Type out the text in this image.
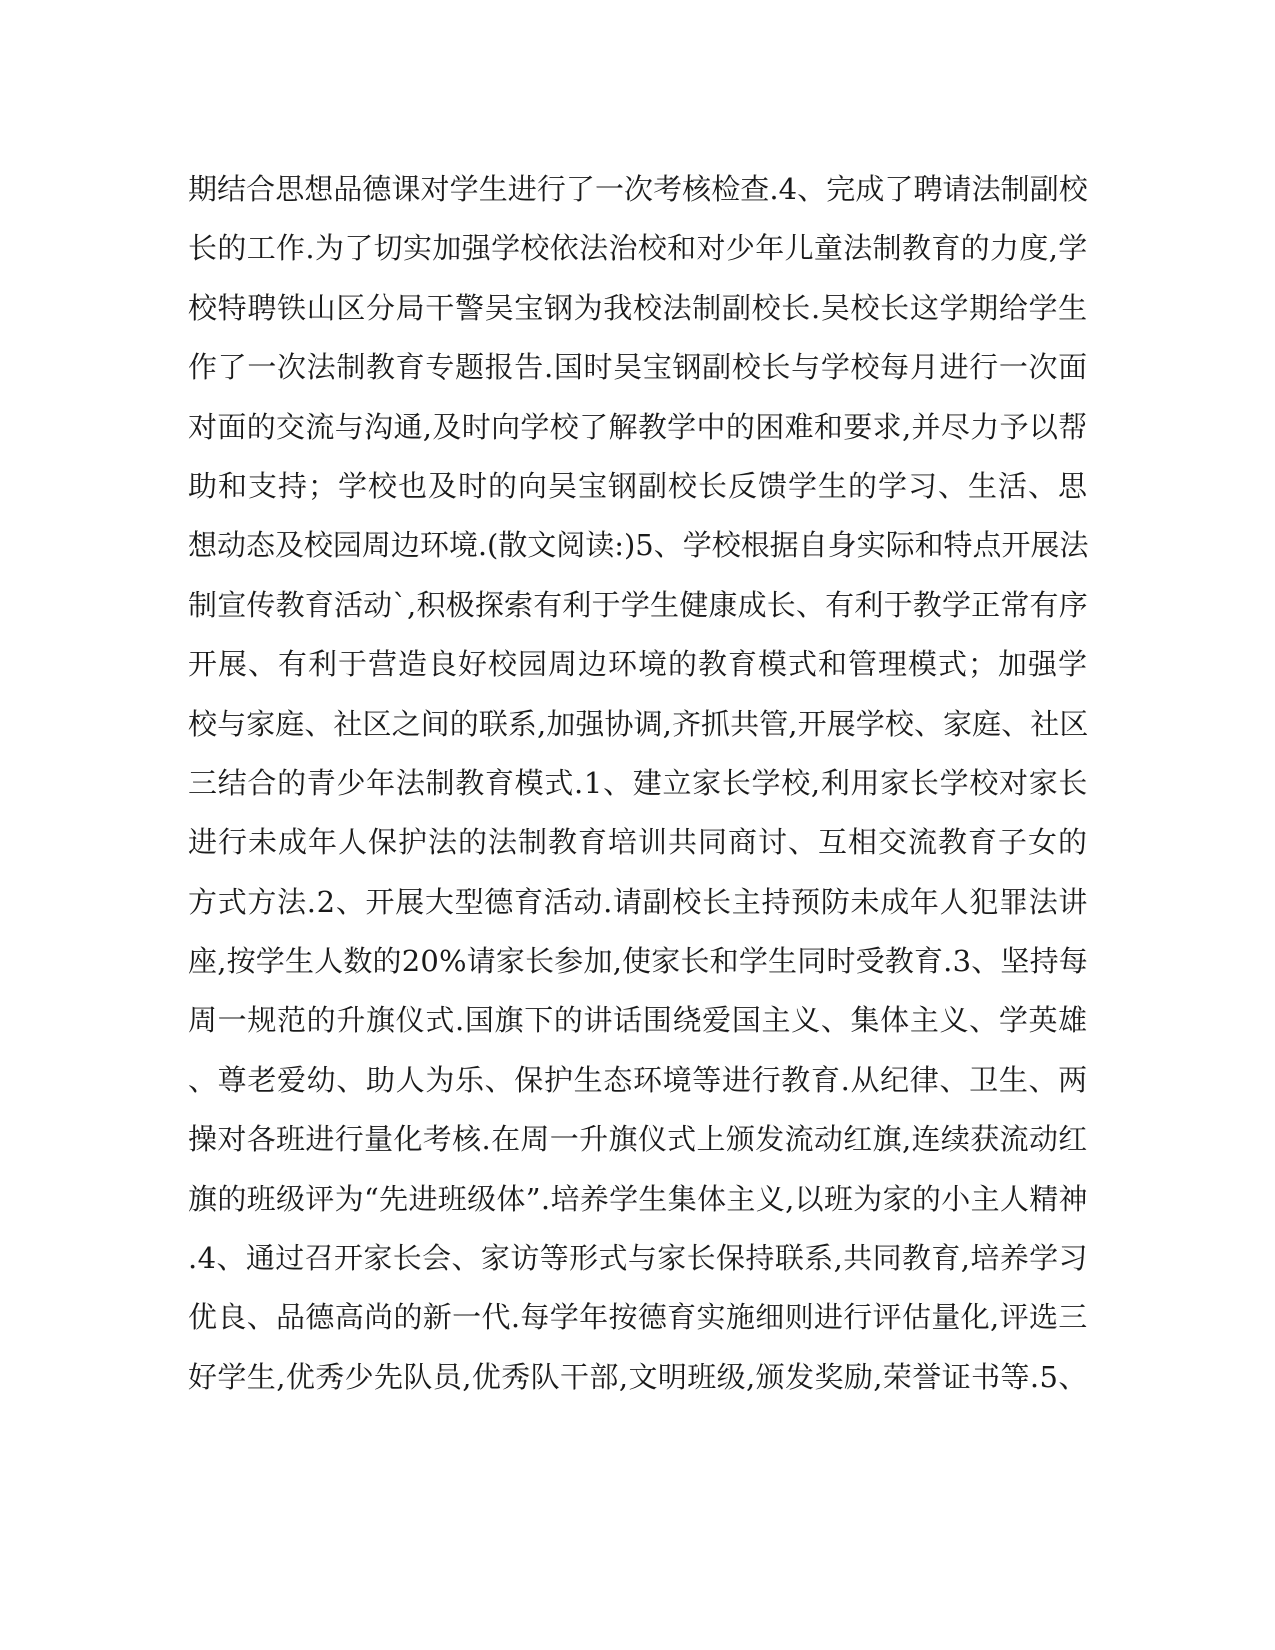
期结合思想品德课对学生进行了一次考核检查.4、完成了聘请法制副校
长的工作.为了切实加强学校依法治校和对少年儿童法制教育的力度,学
校特聘铁山区分局干警吴宝钢为我校法制副校长.吴校长这学期给学生
作了一次法制教育专题报告.国时吴宝钢副校长与学校每月进行一次面
对面的交流与沟通,及时向学校了解教学中的困难和要求,并尽力予以帮
助和支持；学校也及时的向吴宝钢副校长反馈学生的学习、生活、思
想动态及校园周边环境.(散文阅读:)5、学校根据自身实际和特点开展法
制宣传教育活动`,积极探索有利于学生健康成长、有利于教学正常有序
开展、有利于营造良好校园周边环境的教育模式和管理模式；加强学
校与家庭、社区之间的联系,加强协调,齐抓共管,开展学校、家庭、社区
三结合的青少年法制教育模式.1、建立家长学校,利用家长学校对家长
进行未成年人保护法的法制教育培训共同商讨、互相交流教育子女的
方式方法.2、开展大型德育活动.请副校长主持预防未成年人犯罪法讲
座,按学生人数的20%请家长参加,使家长和学生同时受教育.3、坚持每
周一规范的升旗仪式.国旗下的讲话围绕爱国主义、集体主义、学英雄
、尊老爱幼、助人为乐、保护生态环境等进行教育.从纪律、卫生、两
操对各班进行量化考核.在周一升旗仪式上颁发流动红旗,连续获流动红
旗的班级评为“先进班级体”.培养学生集体主义,以班为家的小主人精神
.4、通过召开家长会、家访等形式与家长保持联系,共同教育,培养学习
优良、品德高尚的新一代.每学年按德育实施细则进行评估量化,评选三
好学生,优秀少先队员,优秀队干部,文明班级,颁发奖励,荣誉证书等.5、
